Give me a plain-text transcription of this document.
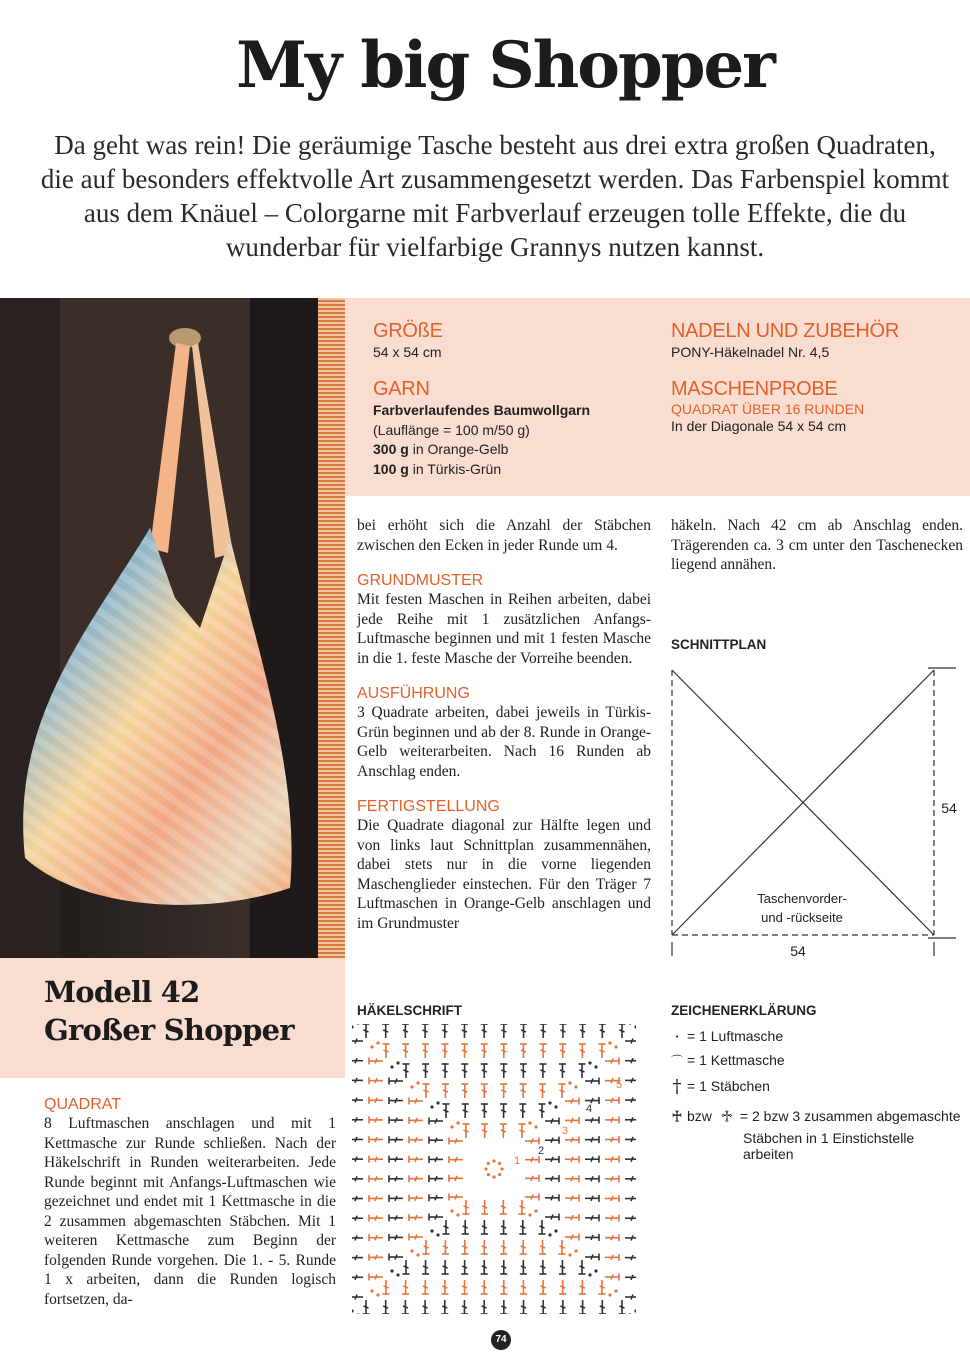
My big Shopper

Da geht was rein! Die geräumige Tasche besteht aus drei extra großen Quadraten, die auf besonders effektvolle Art zusammengesetzt werden. Das Farbenspiel kommt aus dem Knäuel – Colorgarne mit Farbverlauf erzeugen tolle Effekte, die du wunderbar für vielfarbige Grannys nutzen kannst.

GRÖßE

54 x 54 cm

GARN

Farbverlaufendes Baumwollgarn

(Lauflänge = 100 m/50 g)

300 g in Orange-Gelb

100 g in Türkis-Grün

NADELN UND ZUBEHÖR

PONY-Häkelnadel Nr. 4,5

MASCHENPROBE

QUADRAT ÜBER 16 RUNDEN

In der Diagonale 54 x 54 cm

Modell 42
Großer Shopper

QUADRAT

8 Luftmaschen anschlagen und mit 1 Kettmasche zur Runde schließen. Nach der Häkelschrift in Runden weiterarbeiten. Jede Runde beginnt mit Anfangs-Luftmaschen wie gezeichnet und endet mit 1 Kettmasche in die 2 zusammen abgemaschten Stäbchen. Mit 1 weiteren Kettmasche zum Beginn der folgenden Runde vorgehen. Die 1. - 5. Runde 1 x arbeiten, dann die Runden logisch fortsetzen, da-

bei erhöht sich die Anzahl der Stäbchen zwischen den Ecken in jeder Runde um 4.

GRUNDMUSTER

Mit festen Maschen in Reihen arbeiten, dabei jede Reihe mit 1 zusätzlichen Anfangs-Luftmasche beginnen und mit 1 festen Masche in die 1. feste Masche der Vorreihe beenden.

AUSFÜHRUNG

3 Quadrate arbeiten, dabei jeweils in Türkis-Grün beginnen und ab der 8. Runde in Orange-Gelb weiterarbeiten. Nach 16 Runden ab Anschlag enden.

FERTIGSTELLUNG

Die Quadrate diagonal zur Hälfte legen und von links laut Schnittplan zusammennähen, dabei stets nur in die vorne liegenden Maschenglieder einstechen. Für den Träger 7 Luftmaschen in Orange-Gelb anschlagen und im Grundmuster

häkeln. Nach 42 cm ab Anschlag enden. Trägerenden ca. 3 cm unter den Taschenecken liegend annähen.

SCHNITTPLAN

Taschenvorder-
und -rückseite
54
54

HÄKELSCHRIFT

5
4
3
2
1

ZEICHENERKLÄRUNG

· = 1 Luftmasche
⌒ = 1 Kettmasche
† = 1 Stäbchen
♰ bzw ♱ = 2 bzw 3 zusammen abgemaschte

Stäbchen in 1 Einstichstelle arbeiten

74
